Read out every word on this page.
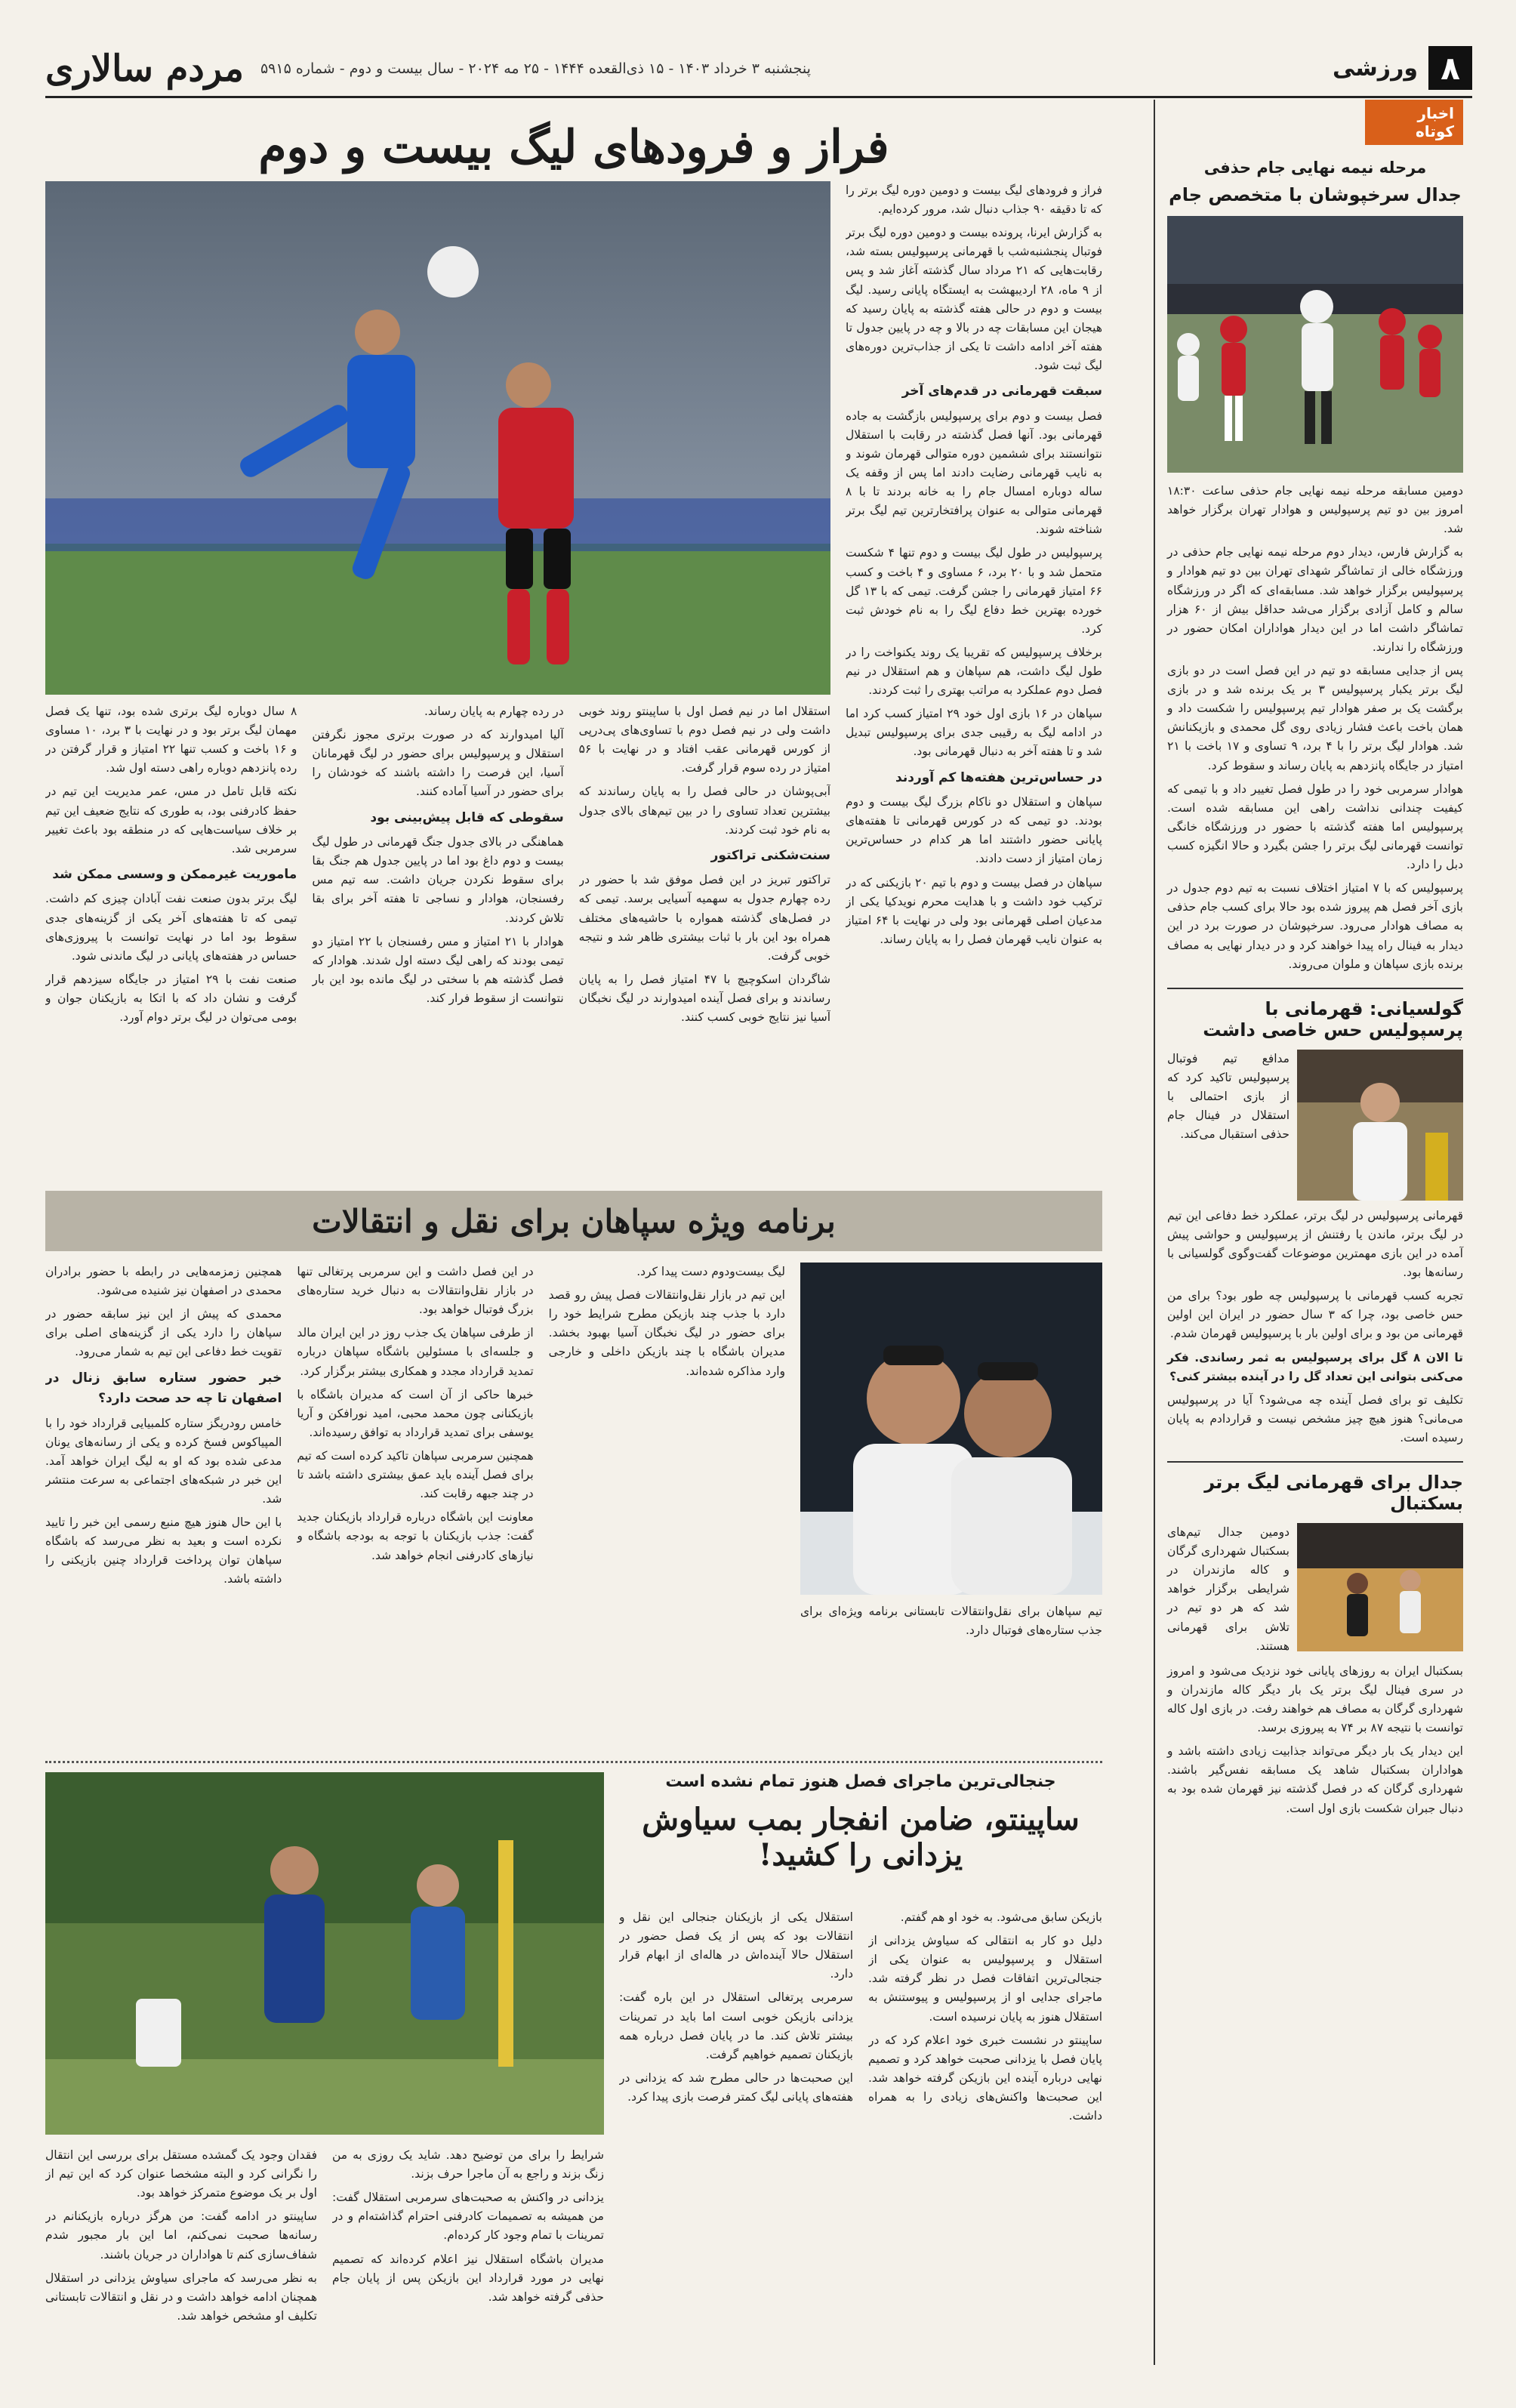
۸
ورزشی
پنجشنبه ۳ خرداد ۱۴۰۳ - ۱۵ ذی‌القعده ۱۴۴۴ - ۲۵ مه ۲۰۲۴ - سال بیست و دوم - شماره ۵۹۱۵
مردم سالاری
اخبار کوتاه
مرحله نیمه نهایی جام حذفی
جدال سرخپوشان با متخصص جام

دومین مسابقه مرحله نیمه نهایی جام حذفی ساعت ۱۸:۳۰ امروز بین دو تیم پرسپولیس و هوادار تهران برگزار خواهد شد.

به گزارش فارس، دیدار دوم مرحله نیمه نهایی جام حذفی در ورزشگاه خالی از تماشاگر شهدای تهران بین دو تیم هوادار و پرسپولیس برگزار خواهد شد. مسابقه‌ای که اگر در ورزشگاه سالم و کامل آزادی برگزار می‌شد حداقل بیش از ۶۰ هزار تماشاگر داشت اما در این دیدار هواداران امکان حضور در ورزشگاه را ندارند.

پس از جدایی مسابقه دو تیم در این فصل است در دو بازی لیگ برتر یکبار پرسپولیس ۳ بر یک برنده شد و در بازی برگشت یک بر صفر هوادار تیم پرسپولیس را شکست داد و همان باخت باعث فشار زیادی روی گل محمدی و بازیکنانش شد. هوادار لیگ برتر را با ۴ برد، ۹ تساوی و ۱۷ باخت با ۲۱ امتیاز در جایگاه پانزدهم به پایان رساند و سقوط کرد.

هوادار سرمربی خود را در طول فصل تغییر داد و با تیمی که کیفیت چندانی نداشت راهی این مسابقه شده است. پرسپولیس اما هفته گذشته با حضور در ورزشگاه خانگی توانست قهرمانی لیگ برتر را جشن بگیرد و حالا انگیزه کسب دبل را دارد.

پرسپولیس که با ۷ امتیاز اختلاف نسبت به تیم دوم جدول در بازی آخر فصل هم پیروز شده بود حالا برای کسب جام حذفی به مصاف هوادار می‌رود. سرخپوشان در صورت برد در این دیدار به فینال راه پیدا خواهند کرد و در دیدار نهایی به مصاف برنده بازی سپاهان و ملوان می‌روند.

گولسیانی: قهرمانی با پرسپولیس حس خاصی داشت
مدافع تیم فوتبال پرسپولیس تاکید کرد که از بازی احتمالی با استقلال در فینال جام حذفی استقبال می‌کند.

قهرمانی پرسپولیس در لیگ برتر، عملکرد خط دفاعی این تیم در لیگ برتر، ماندن یا رفتنش از پرسپولیس و حواشی پیش آمده در این بازی مهمترین موضوعات گفت‌وگوی گولسیانی با رسانه‌ها بود.

تجربه کسب قهرمانی با پرسپولیس چه طور بود؟ برای من حس خاصی بود، چرا که ۳ سال حضور در ایران این اولین قهرمانی من بود و برای اولین بار با پرسپولیس قهرمان شدم.

تا الان ۸ گل برای پرسپولیس به ثمر رساندی. فکر می‌کنی بتوانی این تعداد گل را در آینده بیشتر کنی؟

تکلیف تو برای فصل آینده چه می‌شود؟ آیا در پرسپولیس می‌مانی؟ هنوز هیچ چیز مشخص نیست و قراردادم به پایان رسیده است.

جدال برای قهرمانی لیگ برتر بسکتبال
دومین جدال تیم‌های بسکتبال شهرداری گرگان و کاله مازندران در شرایطی برگزار خواهد شد که هر دو تیم در تلاش برای قهرمانی هستند.

بسکتبال ایران به روزهای پایانی خود نزدیک می‌شود و امروز در سری فینال لیگ برتر یک بار دیگر کاله مازندران و شهرداری گرگان به مصاف هم خواهند رفت. در بازی اول کاله توانست با نتیجه ۸۷ بر ۷۴ به پیروزی برسد.

این دیدار یک بار دیگر می‌تواند جذابیت زیادی داشته باشد و هواداران بسکتبال شاهد یک مسابقه نفس‌گیر باشند. شهرداری گرگان که در فصل گذشته نیز قهرمان شده بود به دنبال جبران شکست بازی اول است.

فراز و فرودهای لیگ بیست و دوم

فراز و فرودهای لیگ بیست و دومین دوره لیگ برتر را که تا دقیقه ۹۰ جذاب دنبال شد، مرور کرده‌ایم.

به گزارش ایرنا، پرونده بیست و دومین دوره لیگ برتر فوتبال پنجشنبه‌شب با قهرمانی پرسپولیس بسته شد، رقابت‌هایی که ۲۱ مرداد سال گذشته آغاز شد و پس از ۹ ماه، ۲۸ اردیبهشت به ایستگاه پایانی رسید. لیگ بیست و دوم در حالی هفته گذشته به پایان رسید که هیجان این مسابقات چه در بالا و چه در پایین جدول تا هفته آخر ادامه داشت تا یکی از جذاب‌ترین دوره‌های لیگ ثبت شود.

سبقت قهرمانی در قدم‌های آخر

فصل بیست و دوم برای پرسپولیس بازگشت به جاده قهرمانی بود. آنها فصل گذشته در رقابت با استقلال نتوانستند برای ششمین دوره متوالی قهرمان شوند و به نایب قهرمانی رضایت دادند اما پس از وقفه یک ساله دوباره امسال جام را به خانه بردند تا با ۸ قهرمانی متوالی به عنوان پرافتخارترین تیم لیگ برتر شناخته شوند.

پرسپولیس در طول لیگ بیست و دوم تنها ۴ شکست متحمل شد و با ۲۰ برد، ۶ مساوی و ۴ باخت و کسب ۶۶ امتیاز قهرمانی را جشن گرفت. تیمی که با ۱۳ گل خورده بهترین خط دفاع لیگ را به نام خودش ثبت کرد.

برخلاف پرسپولیس که تقریبا یک روند یکنواخت را در طول لیگ داشت، هم سپاهان و هم استقلال در نیم فصل دوم عملکرد به مراتب بهتری را ثبت کردند.

سپاهان در ۱۶ بازی اول خود ۲۹ امتیاز کسب کرد اما در ادامه لیگ به رقیبی جدی برای پرسپولیس تبدیل شد و تا هفته آخر به دنبال قهرمانی بود.

در حساس‌ترین هفته‌ها کم آوردند

سپاهان و استقلال دو ناکام بزرگ لیگ بیست و دوم بودند. دو تیمی که در کورس قهرمانی تا هفته‌های پایانی حضور داشتند اما هر کدام در حساس‌ترین زمان امتیاز از دست دادند.

سپاهان در فصل بیست و دوم با تیم ۲۰ بازیکنی که در ترکیب خود داشت و با هدایت محرم نویدکیا یکی از مدعیان اصلی قهرمانی بود ولی در نهایت با ۶۴ امتیاز به عنوان نایب قهرمان فصل را به پایان رساند.

استقلال اما در نیم فصل اول با ساپینتو روند خوبی داشت ولی در نیم فصل دوم با تساوی‌های پی‌درپی از کورس قهرمانی عقب افتاد و در نهایت با ۵۶ امتیاز در رده سوم قرار گرفت.

آبی‌پوشان در حالی فصل را به پایان رساندند که بیشترین تعداد تساوی را در بین تیم‌های بالای جدول به نام خود ثبت کردند.

سنت‌شکنی تراکتور

تراکتور تبریز در این فصل موفق شد با حضور در رده چهارم جدول به سهمیه آسیایی برسد. تیمی که در فصل‌های گذشته همواره با حاشیه‌های مختلف همراه بود این بار با ثبات بیشتری ظاهر شد و نتیجه خوبی گرفت.

شاگردان اسکوچیچ با ۴۷ امتیاز فصل را به پایان رساندند و برای فصل آینده امیدوارند در لیگ نخبگان آسیا نیز نتایج خوبی کسب کنند.

در رده چهارم به پایان رساند.

آلیا امیدوارند که در صورت برتری مجوز نگرفتن استقلال و پرسپولیس برای حضور در لیگ قهرمانان آسیا، این فرصت را داشته باشند که خودشان را برای حضور در آسیا آماده کنند.

سقوطی که قابل پیش‌بینی بود

هماهنگی در بالای جدول جنگ قهرمانی در طول لیگ بیست و دوم داغ بود اما در پایین جدول هم جنگ بقا برای سقوط نکردن جریان داشت. سه تیم مس رفسنجان، هوادار و نساجی تا هفته آخر برای بقا تلاش کردند.

هوادار با ۲۱ امتیاز و مس رفسنجان با ۲۲ امتیاز دو تیمی بودند که راهی لیگ دسته اول شدند. هوادار که فصل گذشته هم با سختی در لیگ مانده بود این بار نتوانست از سقوط فرار کند.

۸ سال دوباره لیگ برتری شده بود، تنها یک فصل مهمان لیگ برتر بود و در نهایت با ۳ برد، ۱۰ مساوی و ۱۶ باخت و کسب تنها ۲۲ امتیاز و قرار گرفتن در رده پانزدهم دوباره راهی دسته اول شد.

نکته قابل تامل در مس، عمر مدیریت این تیم در حفظ کادرفنی بود، به طوری که نتایج ضعیف این تیم بر خلاف سیاست‌هایی که در منطقه بود باعث تغییر سرمربی شد.

ماموریت غیرممکن و وسسی ممکن شد

لیگ برتر بدون صنعت نفت آبادان چیزی کم داشت. تیمی که تا هفته‌های آخر یکی از گزینه‌های جدی سقوط بود اما در نهایت توانست با پیروزی‌های حساس در هفته‌های پایانی در لیگ ماندنی شود.

صنعت نفت با ۲۹ امتیاز در جایگاه سیزدهم قرار گرفت و نشان داد که با اتکا به بازیکنان جوان و بومی می‌توان در لیگ برتر دوام آورد.

برنامه ویژه سپاهان برای نقل و انتقالات
تیم سپاهان برای نقل‌وانتقالات تابستانی برنامه ویژه‌ای برای جذب ستاره‌های فوتبال دارد.

لیگ بیست‌ودوم دست پیدا کرد.

این تیم در بازار نقل‌وانتقالات فصل پیش رو قصد دارد با جذب چند بازیکن مطرح شرایط خود را برای حضور در لیگ نخبگان آسیا بهبود بخشد. مدیران باشگاه با چند بازیکن داخلی و خارجی وارد مذاکره شده‌اند.

در این فصل داشت و این سرمربی پرتغالی تنها در بازار نقل‌وانتقالات به دنبال خرید ستاره‌های بزرگ فوتبال خواهد بود.

از طرفی سپاهان یک جذب روز در این ایران مالد و جلسه‌ای با مسئولین باشگاه سپاهان درباره تمدید قرارداد مجدد و همکاری بیشتر برگزار کرد.

خبرها حاکی از آن است که مدیران باشگاه با بازیکنانی چون محمد محبی، امید نورافکن و آریا یوسفی برای تمدید قرارداد به توافق رسیده‌اند.

همچنین سرمربی سپاهان تاکید کرده است که تیم برای فصل آینده باید عمق بیشتری داشته باشد تا در چند جبهه رقابت کند.

معاونت این باشگاه درباره قرارداد بازیکنان جدید گفت: جذب بازیکنان با توجه به بودجه باشگاه و نیازهای کادرفنی انجام خواهد شد.

همچنین زمزمه‌هایی در رابطه با حضور برادران محمدی در اصفهان نیز شنیده می‌شود.

محمدی که پیش از این نیز سابقه حضور در سپاهان را دارد یکی از گزینه‌های اصلی برای تقویت خط دفاعی این تیم به شمار می‌رود.

خبر حضور ستاره سابق زنال در اصفهان تا چه حد صحت دارد؟

خامس رودریگز ستاره کلمبیایی قرارداد خود را با المپیاکوس فسخ کرده و یکی از رسانه‌های یونان مدعی شده بود که او به لیگ ایران خواهد آمد. این خبر در شبکه‌های اجتماعی به سرعت منتشر شد.

با این حال هنوز هیچ منبع رسمی این خبر را تایید نکرده است و بعید به نظر می‌رسد که باشگاه سپاهان توان پرداخت قرارداد چنین بازیکنی را داشته باشد.

جنجالی‌ترین ماجرای فصل هنوز تمام نشده است
ساپینتو، ضامن انفجار بمب سیاوش یزدانی را کشید!

بازیکن سابق می‌شود. به خود او هم گفتم.

دلیل دو کار به انتقالی که سیاوش یزدانی از استقلال و پرسپولیس به عنوان یکی از جنجالی‌ترین اتفاقات فصل در نظر گرفته شد. ماجرای جدایی او از پرسپولیس و پیوستنش به استقلال هنوز به پایان نرسیده است.

ساپینتو در نشست خبری خود اعلام کرد که در پایان فصل با یزدانی صحبت خواهد کرد و تصمیم نهایی درباره آینده این بازیکن گرفته خواهد شد. این صحبت‌ها واکنش‌های زیادی را به همراه داشت.

استقلال یکی از بازیکنان جنجالی این نقل و انتقالات بود که پس از یک فصل حضور در استقلال حالا آینده‌اش در هاله‌ای از ابهام قرار دارد.

سرمربی پرتغالی استقلال در این باره گفت: یزدانی بازیکن خوبی است اما باید در تمرینات بیشتر تلاش کند. ما در پایان فصل درباره همه بازیکنان تصمیم خواهیم گرفت.

این صحبت‌ها در حالی مطرح شد که یزدانی در هفته‌های پایانی لیگ کمتر فرصت بازی پیدا کرد.

شرایط را برای من توضیح دهد. شاید یک روزی به من زنگ بزند و راجع به آن ماجرا حرف بزند.

یزدانی در واکنش به صحبت‌های سرمربی استقلال گفت: من همیشه به تصمیمات کادرفنی احترام گذاشته‌ام و در تمرینات با تمام وجود کار کرده‌ام.

مدیران باشگاه استقلال نیز اعلام کرده‌اند که تصمیم نهایی در مورد قرارداد این بازیکن پس از پایان جام حذفی گرفته خواهد شد.

فقدان وجود یک گمشده مستقل برای بررسی این انتقال را نگرانی کرد و البته مشخصا عنوان کرد که این تیم از اول بر یک موضوع متمرکز خواهد بود.

ساپینتو در ادامه گفت: من هرگز درباره بازیکنانم در رسانه‌ها صحبت نمی‌کنم، اما این بار مجبور شدم شفاف‌سازی کنم تا هواداران در جریان باشند.

به نظر می‌رسد که ماجرای سیاوش یزدانی در استقلال همچنان ادامه خواهد داشت و در نقل و انتقالات تابستانی تکلیف او مشخص خواهد شد.
